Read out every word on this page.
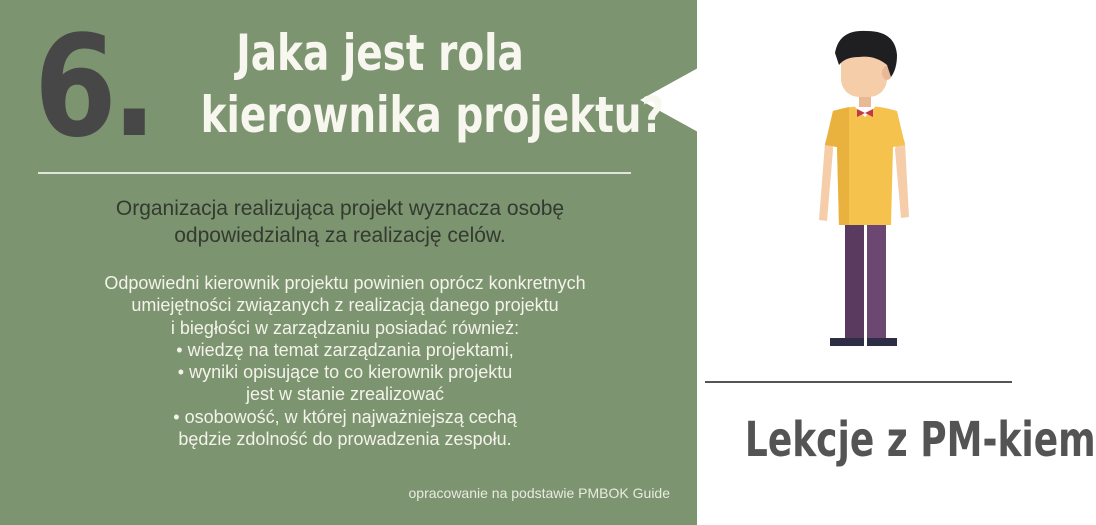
6.	Jaka jest rola
kierownika projektu?
Organizacja realizująca projekt wyznacza osobę
odpowiedzialną za realizację celów.
Odpowiedni kierownik projektu powinien oprócz konkretnych
umiejętności związanych z realizacją danego projektu
i biegłości w zarządzaniu posiadać również:
• wiedzę na temat zarządzania projektami,
• wyniki opisujące to co kierownik projektu
jest w stanie zrealizować
• osobowość, w której najważniejszą cechą
będzie zdolność do prowadzenia zespołu.
opracowanie na podstawie PMBOK Guide
Lekcje z PM-kiem
